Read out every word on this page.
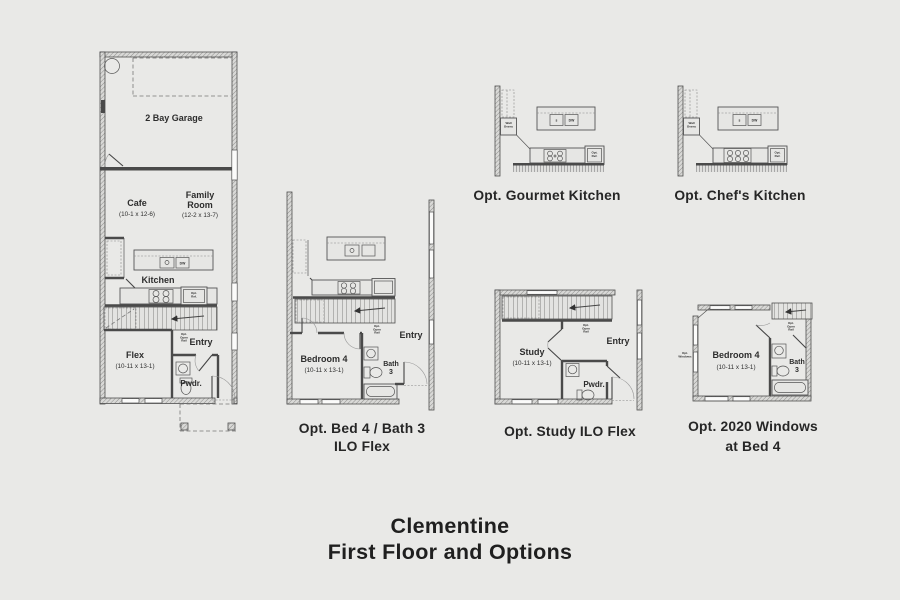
2 Bay Garage
Cafe
(10-1 x 12-6)
Family Room
(12-2 x 13-7)
Kitchen
DW
Opt. Ref.
Opt. Open Rail Entry
Flex
(10-11 x 13-1)
Pwdr.
Wall Ovens
s	DW
Opt. Ref.
Opt. Gourmet Kitchen
Wall Ovens
s	DW
Opt. Ref.
Opt. Chef's Kitchen
Bedroom 4
(10-11 x 13-1)
Bath 3
Entry
Opt. Open Rail
Opt. Bed 4 / Bath 3
ILO Flex
Study
(10-11 x 13-1)
Entry
Pwdr.
Opt. Open Rail
Opt. Study ILO Flex
Bedroom 4
(10-11 x 13-1)
Bath 3
Opt. Windows
Opt. Open Rail
Opt. 2020 Windows
at Bed 4
Clementine
First Floor and Options
